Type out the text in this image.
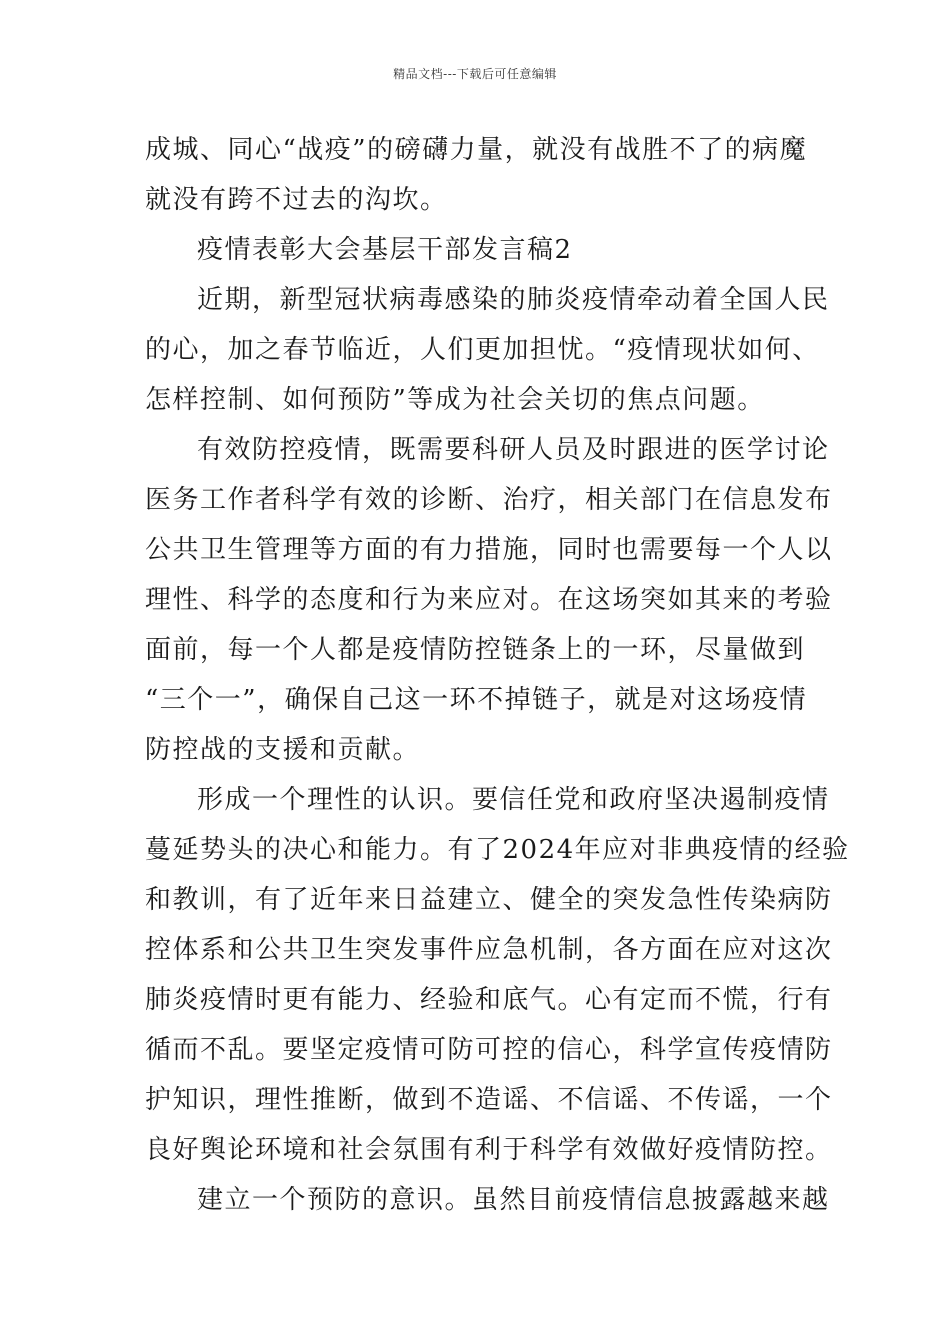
精品文档---下载后可任意编辑
成城、同心“战疫”的磅礴力量，就没有战胜不了的病魔
就没有跨不过去的沟坎。
疫情表彰大会基层干部发言稿2
近期，新型冠状病毒感染的肺炎疫情牵动着全国人民
的心，加之春节临近，人们更加担忧。“疫情现状如何、
怎样控制、如何预防”等成为社会关切的焦点问题。
有效防控疫情，既需要科研人员及时跟进的医学讨论
医务工作者科学有效的诊断、治疗，相关部门在信息发布
公共卫生管理等方面的有力措施，同时也需要每一个人以
理性、科学的态度和行为来应对。在这场突如其来的考验
面前，每一个人都是疫情防控链条上的一环，尽量做到
“三个一”，确保自己这一环不掉链子，就是对这场疫情
防控战的支援和贡献。
形成一个理性的认识。要信任党和政府坚决遏制疫情
蔓延势头的决心和能力。有了2024年应对非典疫情的经验
和教训，有了近年来日益建立、健全的突发急性传染病防
控体系和公共卫生突发事件应急机制，各方面在应对这次
肺炎疫情时更有能力、经验和底气。心有定而不慌，行有
循而不乱。要坚定疫情可防可控的信心，科学宣传疫情防
护知识，理性推断，做到不造谣、不信谣、不传谣，一个
良好舆论环境和社会氛围有利于科学有效做好疫情防控。
建立一个预防的意识。虽然目前疫情信息披露越来越
